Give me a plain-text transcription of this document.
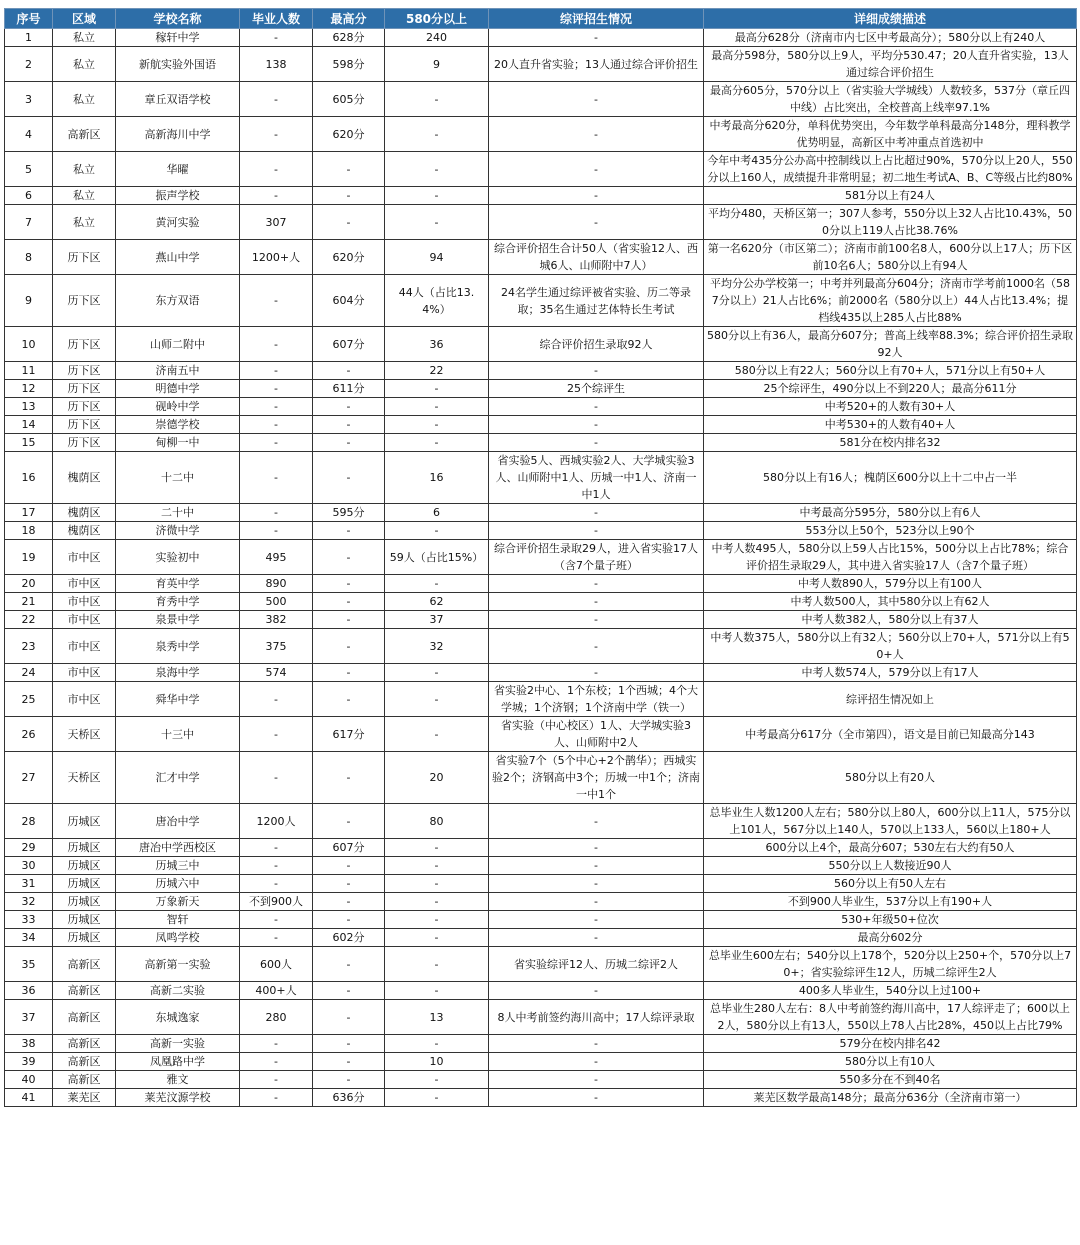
序号	区域	学校名称	毕业人数	最高分	580分以上	综评招生情况	详细成绩描述
1	私立	稼轩中学	-	628分	240	-	最高分628分（济南市内七区中考最高分）；580分以上有240人
2	私立	新航实验外国语	138	598分	9	20人直升省实验；13人通过综合评价招生	最高分598分，580分以上9人，平均分530.47；20人直升省实验，13人通过综合评价招生
3	私立	章丘双语学校	-	605分	-	-	最高分605分，570分以上（省实验大学城线）人数较多，537分（章丘四中线）占比突出，全校普高上线率97.1%
4	高新区	高新海川中学	-	620分	-	-	中考最高分620分，单科优势突出，今年数学单科最高分148分，理科教学优势明显，高新区中考冲重点首选初中
5	私立	华曜	-	-	-	-	今年中考435分公办高中控制线以上占比超过90%，570分以上20人，550分以上160人，成绩提升非常明显；初二地生考试A、B、C等级占比约80%
6	私立	振声学校	-	-	-	-	581分以上有24人
7	私立	黄河实验	307	-	-	-	平均分480，天桥区第一；307人参考，550分以上32人占比10.43%，500分以上119人占比38.76%
8	历下区	燕山中学	1200+人	620分	94	综合评价招生合计50人（省实验12人、西城6人、山师附中7人）	第一名620分（市区第二）；济南市前100名8人，600分以上17人；历下区前10名6人；580分以上有94人
9	历下区	东方双语	-	604分	44人（占比13.4%）	24名学生通过综评被省实验、历二等录取；35名生通过艺体特长生考试	平均分公办学校第一；中考并列最高分604分；济南市学考前1000名（587分以上）21人占比6%；前2000名（580分以上）44人占比13.4%；提档线435以上285人占比88%
10	历下区	山师二附中	-	607分	36	综合评价招生录取92人	580分以上有36人，最高分607分；普高上线率88.3%；综合评价招生录取92人
11	历下区	济南五中	-	-	22	-	580分以上有22人；560分以上有70+人，571分以上有50+人
12	历下区	明德中学	-	611分	-	25个综评生	25个综评生，490分以上不到220人；最高分611分
13	历下区	砚岭中学	-	-	-	-	中考520+的人数有30+人
14	历下区	崇德学校	-	-	-	-	中考530+的人数有40+人
15	历下区	甸柳一中	-	-	-	-	581分在校内排名32
16	槐荫区	十二中	-	-	16	省实验5人、西城实验2人、大学城实验3人、山师附中1人、历城一中1人、济南一中1人	580分以上有16人；槐荫区600分以上十二中占一半
17	槐荫区	二十中	-	595分	6	-	中考最高分595分，580分以上有6人
18	槐荫区	济微中学	-	-	-	-	553分以上50个，523分以上90个
19	市中区	实验初中	495	-	59人（占比15%）	综合评价招生录取29人，进入省实验17人（含7个量子班）	中考人数495人，580分以上59人占比15%，500分以上占比78%；综合评价招生录取29人，其中进入省实验17人（含7个量子班）
20	市中区	育英中学	890	-	-	-	中考人数890人，579分以上有100人
21	市中区	育秀中学	500	-	62	-	中考人数500人，其中580分以上有62人
22	市中区	泉景中学	382	-	37	-	中考人数382人，580分以上有37人
23	市中区	泉秀中学	375	-	32	-	中考人数375人，580分以上有32人；560分以上70+人，571分以上有50+人
24	市中区	泉海中学	574	-	-	-	中考人数574人，579分以上有17人
25	市中区	舜华中学	-	-	-	省实验2中心、1个东校；1个西城；4个大学城；1个济钢；1个济南中学（铁一）	综评招生情况如上
26	天桥区	十三中	-	617分	-	省实验（中心校区）1人、大学城实验3人、山师附中2人	中考最高分617分（全市第四），语文是目前已知最高分143
27	天桥区	汇才中学	-	-	20	省实验7个（5个中心+2个鹊华）；西城实验2个；济钢高中3个；历城一中1个；济南一中1个	580分以上有20人
28	历城区	唐冶中学	1200人	-	80	-	总毕业生人数1200人左右；580分以上80人，600分以上11人，575分以上101人，567分以上140人，570以上133人，560以上180+人
29	历城区	唐冶中学西校区	-	607分	-	-	600分以上4个，最高分607；530左右大约有50人
30	历城区	历城三中	-	-	-	-	550分以上人数接近90人
31	历城区	历城六中	-	-	-	-	560分以上有50人左右
32	历城区	万象新天	不到900人	-	-	-	不到900人毕业生，537分以上有190+人
33	历城区	智轩	-	-	-	-	530+年级50+位次
34	历城区	凤鸣学校	-	602分	-	-	最高分602分
35	高新区	高新第一实验	600人	-	-	省实验综评12人、历城二综评2人	总毕业生600左右；540分以上178个，520分以上250+个，570分以上70+；省实验综评生12人，历城二综评生2人
36	高新区	高新二实验	400+人	-	-	-	400多人毕业生，540分以上过100+
37	高新区	东城逸家	280	-	13	8人中考前签约海川高中；17人综评录取	总毕业生280人左右：8人中考前签约海川高中，17人综评走了；600以上2人，580分以上有13人，550以上78人占比28%，450以上占比79%
38	高新区	高新一实验	-	-	-	-	579分在校内排名42
39	高新区	凤凰路中学	-	-	10	-	580分以上有10人
40	高新区	雅文	-	-	-	-	550多分在不到40名
41	莱芜区	莱芜汶源学校	-	636分	-	-	莱芜区数学最高148分；最高分636分（全济南市第一）
